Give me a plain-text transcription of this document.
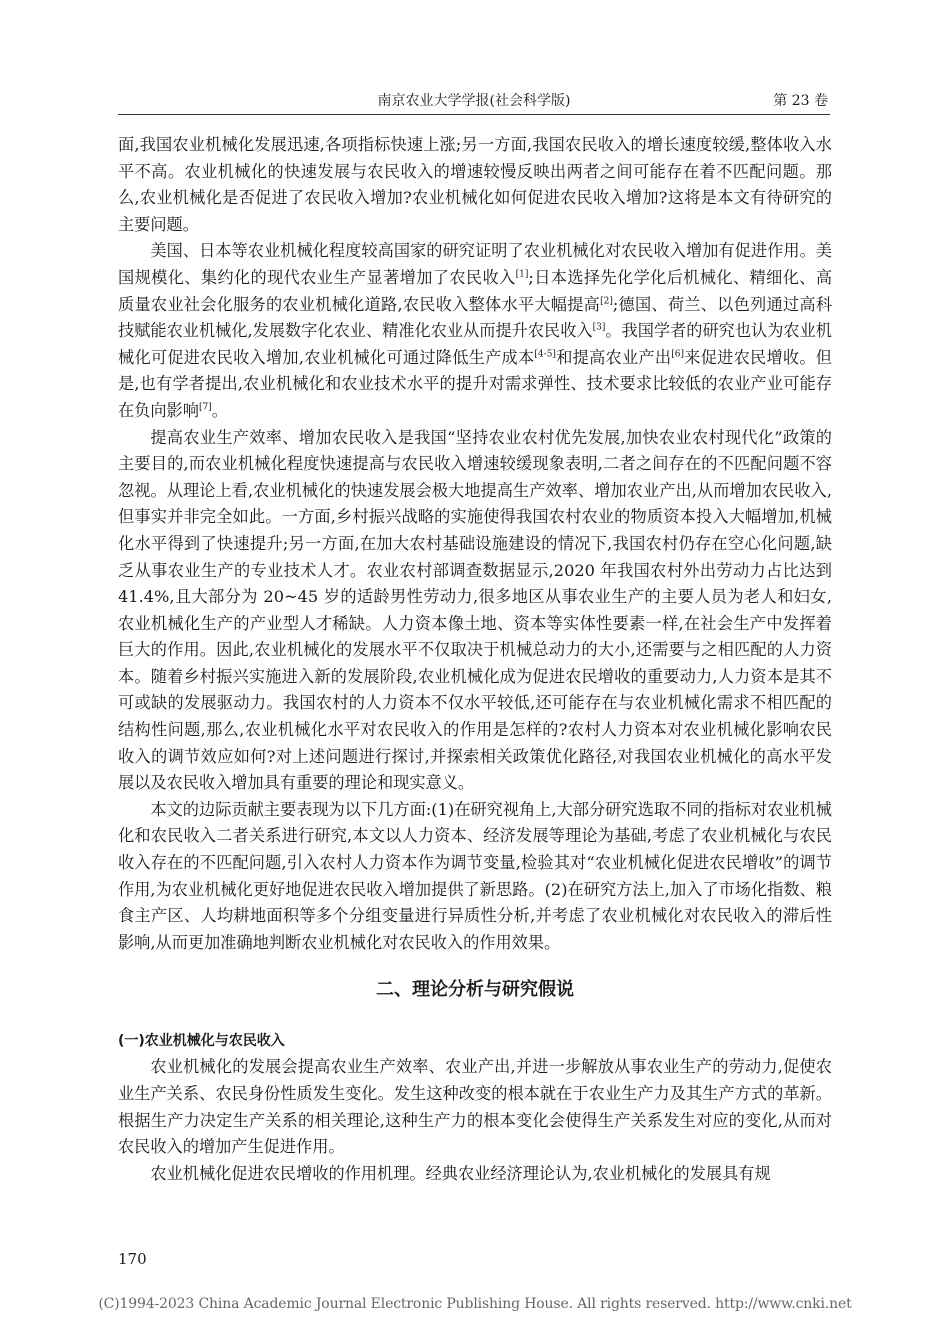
南京农业大学学报(社会科学版)	第 23 卷

面,我国农业机械化发展迅速,各项指标快速上涨;另一方面,我国农民收入的增长速度较缓,整体收入水平不高。农业机械化的快速发展与农民收入的增速较慢反映出两者之间可能存在着不匹配问题。那么,农业机械化是否促进了农民收入增加?农业机械化如何促进农民收入增加?这将是本文有待研究的主要问题。

美国、日本等农业机械化程度较高国家的研究证明了农业机械化对农民收入增加有促进作用。美国规模化、集约化的现代农业生产显著增加了农民收入[1];日本选择先化学化后机械化、精细化、高质量农业社会化服务的农业机械化道路,农民收入整体水平大幅提高[2];德国、荷兰、以色列通过高科技赋能农业机械化,发展数字化农业、精准化农业从而提升农民收入[3]。我国学者的研究也认为农业机械化可促进农民收入增加,农业机械化可通过降低生产成本[4-5]和提高农业产出[6]来促进农民增收。但是,也有学者提出,农业机械化和农业技术水平的提升对需求弹性、技术要求比较低的农业产业可能存在负向影响[7]。

提高农业生产效率、增加农民收入是我国“坚持农业农村优先发展,加快农业农村现代化”政策的主要目的,而农业机械化程度快速提高与农民收入增速较缓现象表明,二者之间存在的不匹配问题不容忽视。从理论上看,农业机械化的快速发展会极大地提高生产效率、增加农业产出,从而增加农民收入,但事实并非完全如此。一方面,乡村振兴战略的实施使得我国农村农业的物质资本投入大幅增加,机械化水平得到了快速提升;另一方面,在加大农村基础设施建设的情况下,我国农村仍存在空心化问题,缺乏从事农业生产的专业技术人才。农业农村部调查数据显示,2020 年我国农村外出劳动力占比达到 41.4%,且大部分为 20~45 岁的适龄男性劳动力,很多地区从事农业生产的主要人员为老人和妇女,农业机械化生产的产业型人才稀缺。人力资本像土地、资本等实体性要素一样,在社会生产中发挥着巨大的作用。因此,农业机械化的发展水平不仅取决于机械总动力的大小,还需要与之相匹配的人力资本。随着乡村振兴实施进入新的发展阶段,农业机械化成为促进农民增收的重要动力,人力资本是其不可或缺的发展驱动力。我国农村的人力资本不仅水平较低,还可能存在与农业机械化需求不相匹配的结构性问题,那么,农业机械化水平对农民收入的作用是怎样的?农村人力资本对农业机械化影响农民收入的调节效应如何?对上述问题进行探讨,并探索相关政策优化路径,对我国农业机械化的高水平发展以及农民收入增加具有重要的理论和现实意义。

本文的边际贡献主要表现为以下几方面:(1)在研究视角上,大部分研究选取不同的指标对农业机械化和农民收入二者关系进行研究,本文以人力资本、经济发展等理论为基础,考虑了农业机械化与农民收入存在的不匹配问题,引入农村人力资本作为调节变量,检验其对“农业机械化促进农民增收”的调节作用,为农业机械化更好地促进农民收入增加提供了新思路。(2)在研究方法上,加入了市场化指数、粮食主产区、人均耕地面积等多个分组变量进行异质性分析,并考虑了农业机械化对农民收入的滞后性影响,从而更加准确地判断农业机械化对农民收入的作用效果。

二、理论分析与研究假说
(一)农业机械化与农民收入

农业机械化的发展会提高农业生产效率、农业产出,并进一步解放从事农业生产的劳动力,促使农业生产关系、农民身份性质发生变化。发生这种改变的根本就在于农业生产力及其生产方式的革新。根据生产力决定生产关系的相关理论,这种生产力的根本变化会使得生产关系发生对应的变化,从而对农民收入的增加产生促进作用。

农业机械化促进农民增收的作用机理。经典农业经济理论认为,农业机械化的发展具有规

170
(C)1994-2023 China Academic Journal Electronic Publishing House. All rights reserved. http://www.cnki.net
